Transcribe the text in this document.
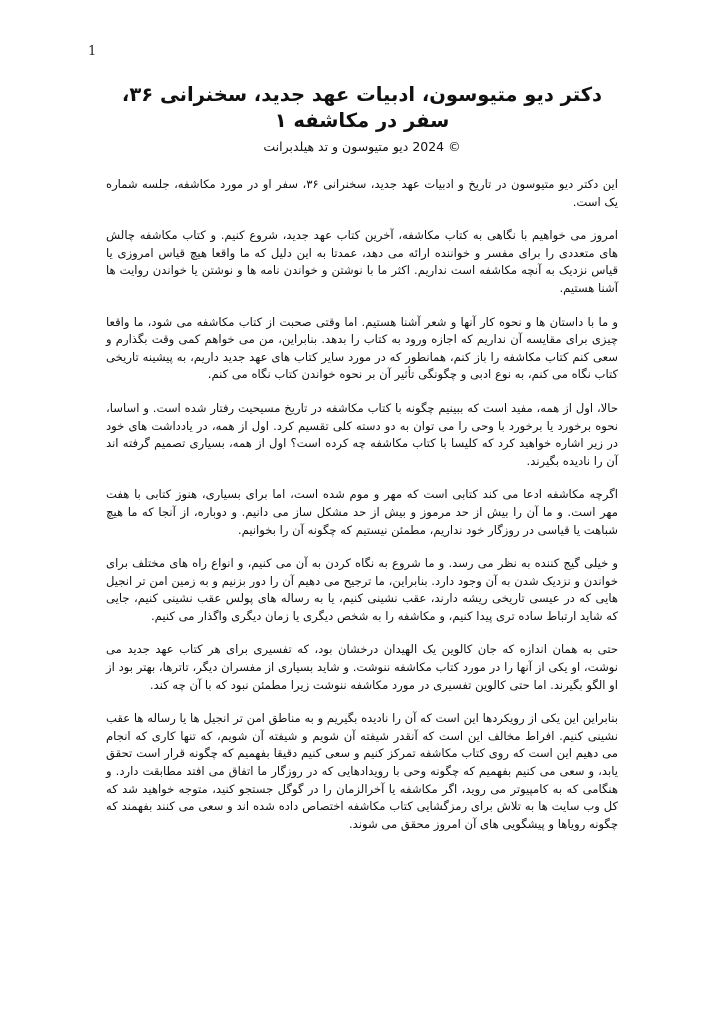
1
دکتر دیو متیوسون، ادبیات عهد جدید، سخنرانی ۳۶، سفر در مکاشفه ۱
© 2024 دیو متیوسون و تد هیلدبرانت

این دکتر دیو متیوسون در تاریخ و ادبیات عهد جدید، سخنرانی ۳۶، سفر او در مورد مکاشفه، جلسه شماره یک است.

امروز می خواهیم با نگاهی به کتاب مکاشفه، آخرین کتاب عهد جدید، شروع کنیم. و کتاب مکاشفه چالش های متعددی را برای مفسر و خواننده ارائه می دهد، عمدتا به این دلیل که ما واقعا هیچ قیاس امروزی یا قیاس نزدیک به آنچه مکاشفه است نداریم. اکثر ما با نوشتن و خواندن نامه ها و نوشتن یا خواندن روایت ها آشنا هستیم.

و ما با داستان ها و نحوه کار آنها و شعر آشنا هستیم. اما وقتی صحبت از کتاب مکاشفه می شود، ما واقعا چیزی برای مقایسه آن نداریم که اجازه ورود به کتاب را بدهد. بنابراین، من می خواهم کمی وقت بگذارم و سعی کنم کتاب مکاشفه را باز کنم، همانطور که در مورد سایر کتاب های عهد جدید داریم، به پیشینه تاریخی کتاب نگاه می کنم، به نوع ادبی و چگونگی تأثیر آن بر نحوه خواندن کتاب نگاه می کنم.

حالا، اول از همه، مفید است که ببینیم چگونه با کتاب مکاشفه در تاریخ مسیحیت رفتار شده است. و اساسا، نحوه برخورد یا برخورد با وحی را می توان به دو دسته کلی تقسیم کرد. اول از همه، در یادداشت های خود در زیر اشاره خواهید کرد که کلیسا با کتاب مکاشفه چه کرده است؟ اول از همه، بسیاری تصمیم گرفته اند آن را نادیده بگیرند.

اگرچه مکاشفه ادعا می کند کتابی است که مهر و موم شده است، اما برای بسیاری، هنوز کتابی با هفت مهر است. و ما آن را بیش از حد مرموز و بیش از حد مشکل ساز می دانیم. و دوباره، از آنجا که ما هیچ شباهت یا قیاسی در روزگار خود نداریم، مطمئن نیستیم که چگونه آن را بخوانیم.

و خیلی گیج کننده به نظر می رسد. و ما شروع به نگاه کردن به آن می کنیم، و انواع راه های مختلف برای خواندن و نزدیک شدن به آن وجود دارد. بنابراین، ما ترجیح می دهیم آن را دور بزنیم و به زمین امن تر انجیل هایی که در عیسی تاریخی ریشه دارند، عقب نشینی کنیم، یا به رساله های پولس عقب نشینی کنیم، جایی که شاید ارتباط ساده تری پیدا کنیم، و مکاشفه را به شخص دیگری یا زمان دیگری واگذار می کنیم.

حتی به همان اندازه که جان کالوین یک الهیدان درخشان بود، که تفسیری برای هر کتاب عهد جدید می نوشت، او یکی از آنها را در مورد کتاب مکاشفه ننوشت. و شاید بسیاری از مفسران دیگر، تاترها، بهتر بود از او الگو بگیرند. اما حتی کالوین تفسیری در مورد مکاشفه ننوشت زیرا مطمئن نبود که با آن چه کند.

بنابراین این یکی از رویکردها این است که آن را نادیده بگیریم و به مناطق امن تر انجیل ها یا رساله ها عقب نشینی کنیم. افراط مخالف این است که آنقدر شیفته آن شویم و شیفته آن شویم، که تنها کاری که انجام می دهیم این است که روی کتاب مکاشفه تمرکز کنیم و سعی کنیم دقیقا بفهمیم که چگونه قرار است تحقق یابد، و سعی می کنیم بفهمیم که چگونه وحی با رویدادهایی که در روزگار ما اتفاق می افتد مطابقت دارد. و هنگامی که به کامپیوتر می روید، اگر مکاشفه یا آخرالزمان را در گوگل جستجو کنید، متوجه خواهید شد که کل وب سایت ها به تلاش برای رمزگشایی کتاب مکاشفه اختصاص داده شده اند و سعی می کنند بفهمند که چگونه رویاها و پیشگویی های آن امروز محقق می شوند.
